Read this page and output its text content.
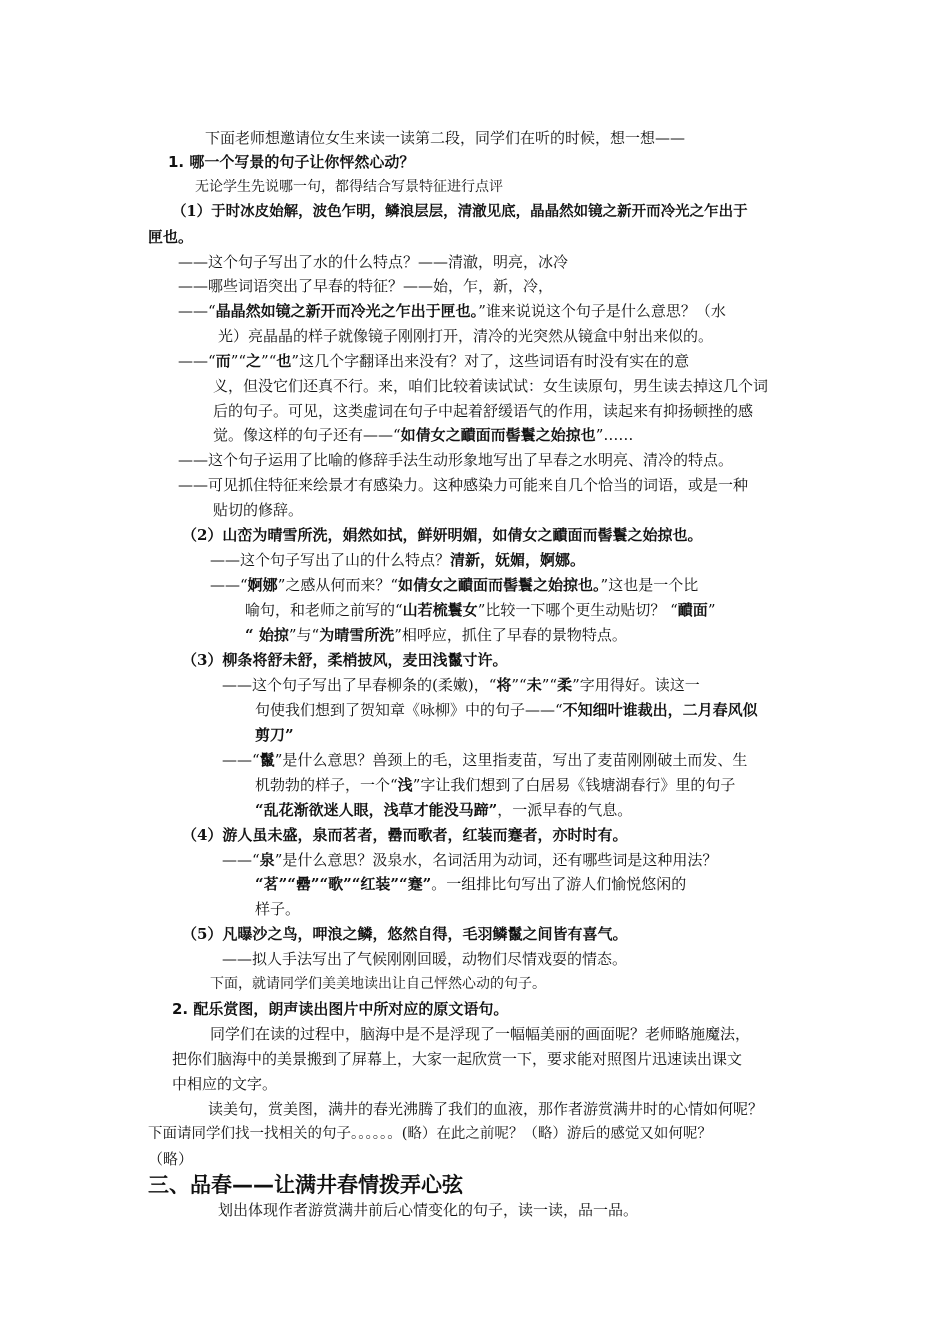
下面老师想邀请位女生来读一读第二段，同学们在听的时候，想一想——
1. 哪一个写景的句子让你怦然心动？
无论学生先说哪一句，都得结合写景特征进行点评
（1）于时冰皮始解，波色乍明，鳞浪层层，清澈见底，晶晶然如镜之新开而冷光之乍出于
匣也。
——这个句子写出了水的什么特点？——清澈，明亮，冰冷
——哪些词语突出了早春的特征？——始，乍，新，冷，
——“晶晶然如镜之新开而冷光之乍出于匣也。”谁来说说这个句子是什么意思？（水
光）亮晶晶的样子就像镜子刚刚打开，清冷的光突然从镜盒中射出来似的。
——“而”“之”“也”这几个字翻译出来没有？对了，这些词语有时没有实在的意
义，但没它们还真不行。来，咱们比较着读试试：女生读原句，男生读去掉这几个词
后的句子。可见，这类虚词在句子中起着舒缓语气的作用，读起来有抑扬顿挫的感
觉。像这样的句子还有——“如倩女之靧面而髻鬟之始掠也”……
——这个句子运用了比喻的修辞手法生动形象地写出了早春之水明亮、清冷的特点。
——可见抓住特征来绘景才有感染力。这种感染力可能来自几个恰当的词语，或是一种
贴切的修辞。
（2）山峦为晴雪所洗，娟然如拭，鲜妍明媚，如倩女之靧面而髻鬟之始掠也。
——这个句子写出了山的什么特点？清新，妩媚，婀娜。
——“婀娜”之感从何而来？“如倩女之靧面而髻鬟之始掠也。”这也是一个比
喻句，和老师之前写的“山若梳鬟女”比较一下哪个更生动贴切？ “靧面”
“ 始掠”与“为晴雪所洗”相呼应，抓住了早春的景物特点。
（3）柳条将舒未舒，柔梢披风，麦田浅鬣寸许。
——这个句子写出了早春柳条的(柔嫩)，“将”“未”“柔”字用得好。读这一
句使我们想到了贺知章《咏柳》中的句子——“不知细叶谁裁出，二月春风似
剪刀”
——“鬣”是什么意思？兽颈上的毛，这里指麦苗，写出了麦苗刚刚破土而发、生
机勃勃的样子，一个“浅”字让我们想到了白居易《钱塘湖春行》里的句子
“乱花渐欲迷人眼，浅草才能没马蹄”，一派早春的气息。
（4）游人虽未盛，泉而茗者，罍而歌者，红装而蹇者，亦时时有。
——“泉”是什么意思？汲泉水，名词活用为动词，还有哪些词是这种用法？
“茗”“罍”“歌”“红装”“蹇”。一组排比句写出了游人们愉悦悠闲的
样子。
（5）凡曝沙之鸟，呷浪之鳞，悠然自得，毛羽鳞鬣之间皆有喜气。
——拟人手法写出了气候刚刚回暖，动物们尽情戏耍的情态。
下面，就请同学们美美地读出让自己怦然心动的句子。
2. 配乐赏图，朗声读出图片中所对应的原文语句。
同学们在读的过程中，脑海中是不是浮现了一幅幅美丽的画面呢？老师略施魔法，
把你们脑海中的美景搬到了屏幕上，大家一起欣赏一下，要求能对照图片迅速读出课文
中相应的文字。
读美句，赏美图，满井的春光沸腾了我们的血液，那作者游赏满井时的心情如何呢？
下面请同学们找一找相关的句子。。。。。。(略）在此之前呢？（略）游后的感觉又如何呢？
（略）
三、品春——让满井春情拨弄心弦
划出体现作者游赏满井前后心情变化的句子，读一读，品一品。
